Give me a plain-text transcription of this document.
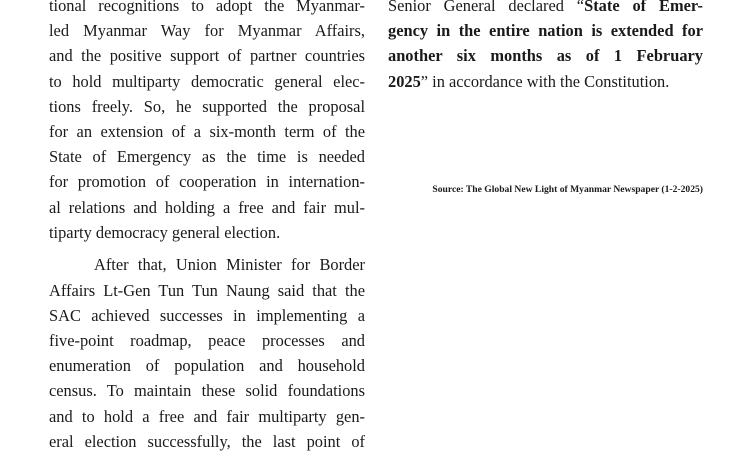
tional recognitions to adopt the Myanmar-
led Myanmar Way for Myanmar Affairs,
and the positive support of partner countries
to hold multiparty democratic general elec-
tions freely. So, he supported the proposal
for an extension of a six-month term of the
State of Emergency as the time is needed
for promotion of cooperation in internation-
al relations and holding a free and fair mul-
tiparty democracy general election.
After that, Union Minister for Border
Affairs Lt-Gen Tun Tun Naung said that the
SAC achieved successes in implementing a
five-point roadmap, peace processes and
enumeration of population and household
census. To maintain these solid foundations
and to hold a free and fair multiparty gen-
eral election successfully, the last point of
Senior General declared “State of Emer-
gency in the entire nation is extended for
another six months as of 1 February
2025” in accordance with the Constitution.
Source: The Global New Light of Myanmar Newspaper (1-2-2025)
